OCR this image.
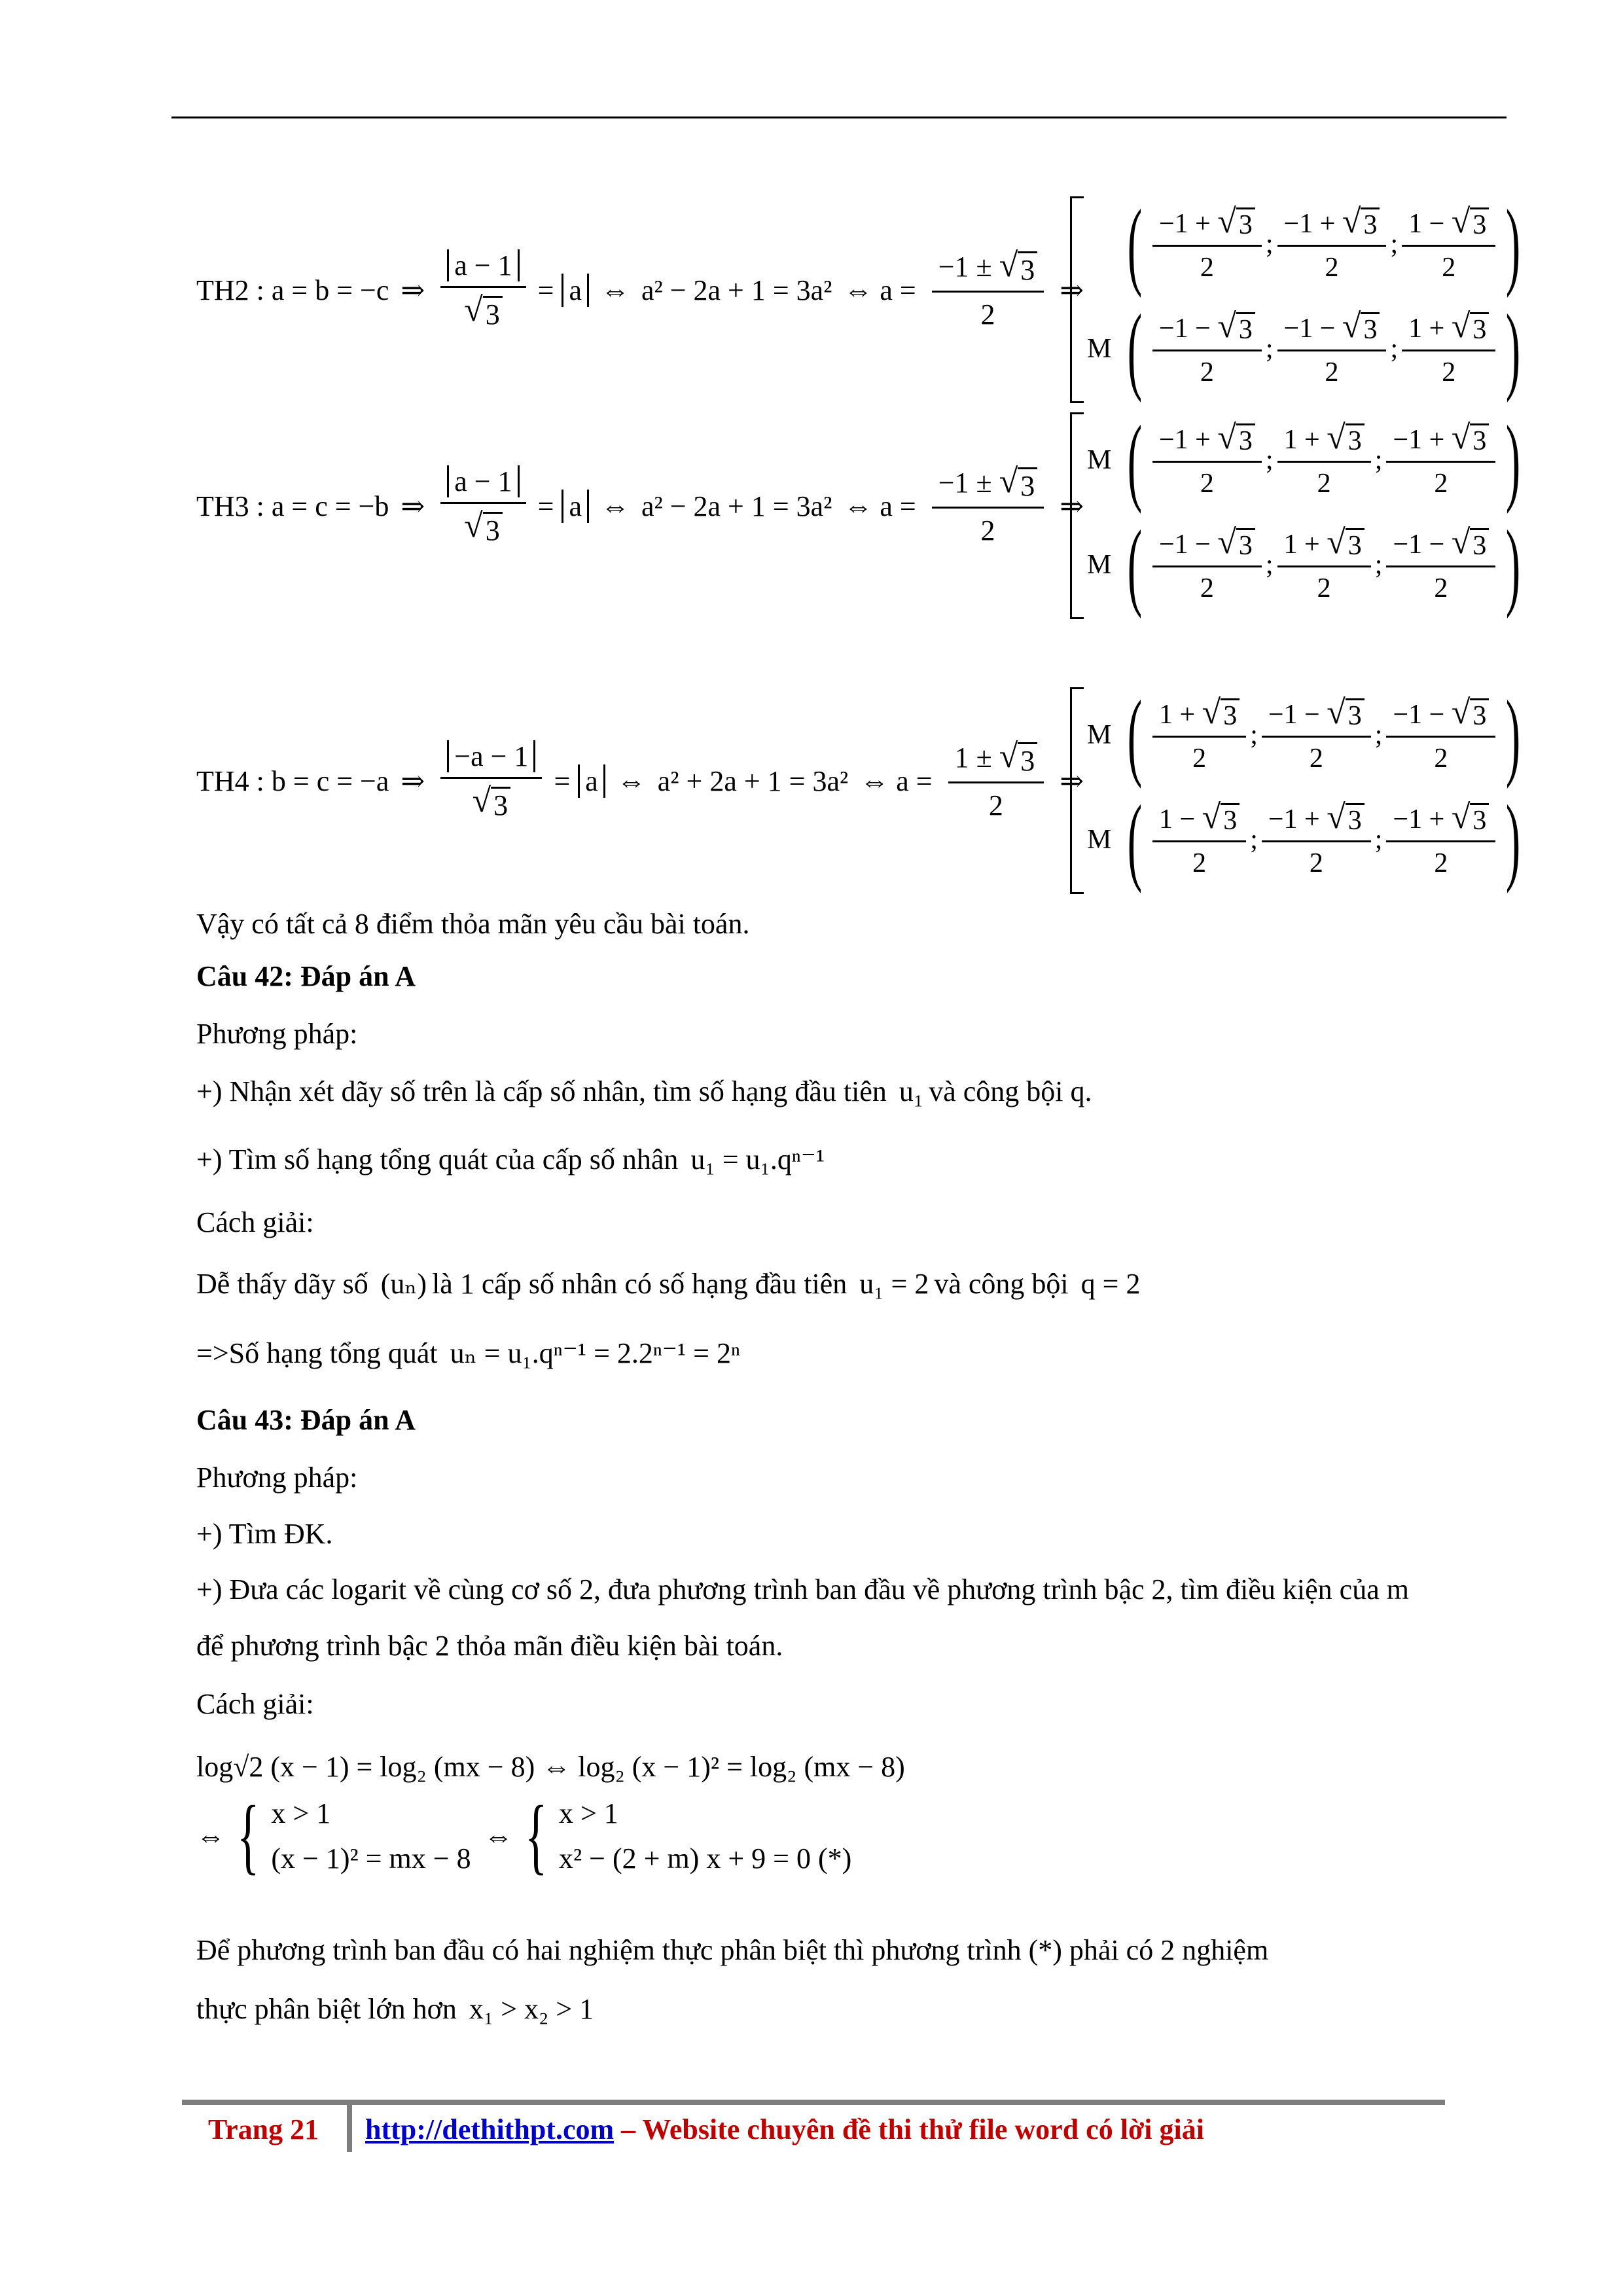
TH2 : a = b = −c ⇒ $\frac{a - 1}{√ 3} = a$ ⇔ a² − 2a + 1 = 3a² ⇔ $a = \frac{-1 \pm √ 3}{2}$ ⇒ ( $\frac{-1 + √ 3}{2}$ ; $\frac{-1 + √ 3}{2}$ ; $\frac{1 - √ 3}{2}$ )
M ( $\frac{-1 - √ 3}{2}$ ; $\frac{-1 - √ 3}{2}$ ; $\frac{1 + √ 3}{2}$ )
TH3 : a = c = −b ⇒ $\frac{a - 1}{√ 3} = a$ ⇔ a² − 2a + 1 = 3a² ⇔ $a = \frac{-1 \pm √ 3}{2}$ ⇒
M ( $\frac{-1 + √ 3}{2}$ ; $\frac{1 + √ 3}{2}$ ; $\frac{-1 + √ 3}{2}$ )
M ( $\frac{-1 - √ 3}{2}$ ; $\frac{1 + √ 3}{2}$ ; $\frac{-1 - √ 3}{2}$ )
TH4 : b = c = −a ⇒ $\frac{-a - 1}{√ 3} = a$ ⇔ a² + 2a + 1 = 3a² ⇔ $a = \frac{1 \pm √ 3}{2}$ ⇒
M ( $\frac{1 + √ 3}{2}$ ; $\frac{-1 - √ 3}{2}$ ; $\frac{-1 - √ 3}{2}$ )
M ( $\frac{1 - √ 3}{2}$ ; $\frac{-1 + √ 3}{2}$ ; $\frac{-1 + √ 3}{2}$ )
Vậy có tất cả 8 điểm thỏa mãn yêu cầu bài toán.
Câu 42: Đáp án A
Phương pháp:
+) Nhận xét dãy số trên là cấp số nhân, tìm số hạng đầu tiên u₁ và công bội q.
+) Tìm số hạng tổng quát của cấp số nhân u₁ = u₁.qⁿ⁻¹
Cách giải:
Dễ thấy dãy số (uₙ) là 1 cấp số nhân có số hạng đầu tiên u₁ = 2 và công bội q = 2
=>Số hạng tổng quát uₙ = u₁.qⁿ⁻¹ = 2.2ⁿ⁻¹ = 2ⁿ
Câu 43: Đáp án A
Phương pháp:
+) Tìm ĐK.
+) Đưa các logarit về cùng cơ số 2, đưa phương trình ban đầu về phương trình bậc 2, tìm điều kiện của m để phương trình bậc 2 thỏa mãn điều kiện bài toán.
Cách giải:
log√2 (x − 1) = log₂ (mx − 8) ⇔ log₂ (x − 1)² = log₂ (mx − 8)
⇔ { x > 1
(x − 1)² = mx − 8
⇔ { x > 1
x² − (2 + m) x + 9 = 0 (*)
Để phương trình ban đầu có hai nghiệm thực phân biệt thì phương trình (*) phải có 2 nghiệm
thực phân biệt lớn hơn x₁ > x₂ > 1
Trang 21 http://dethithpt.com – Website chuyên đề thi thử file word có lời giải
